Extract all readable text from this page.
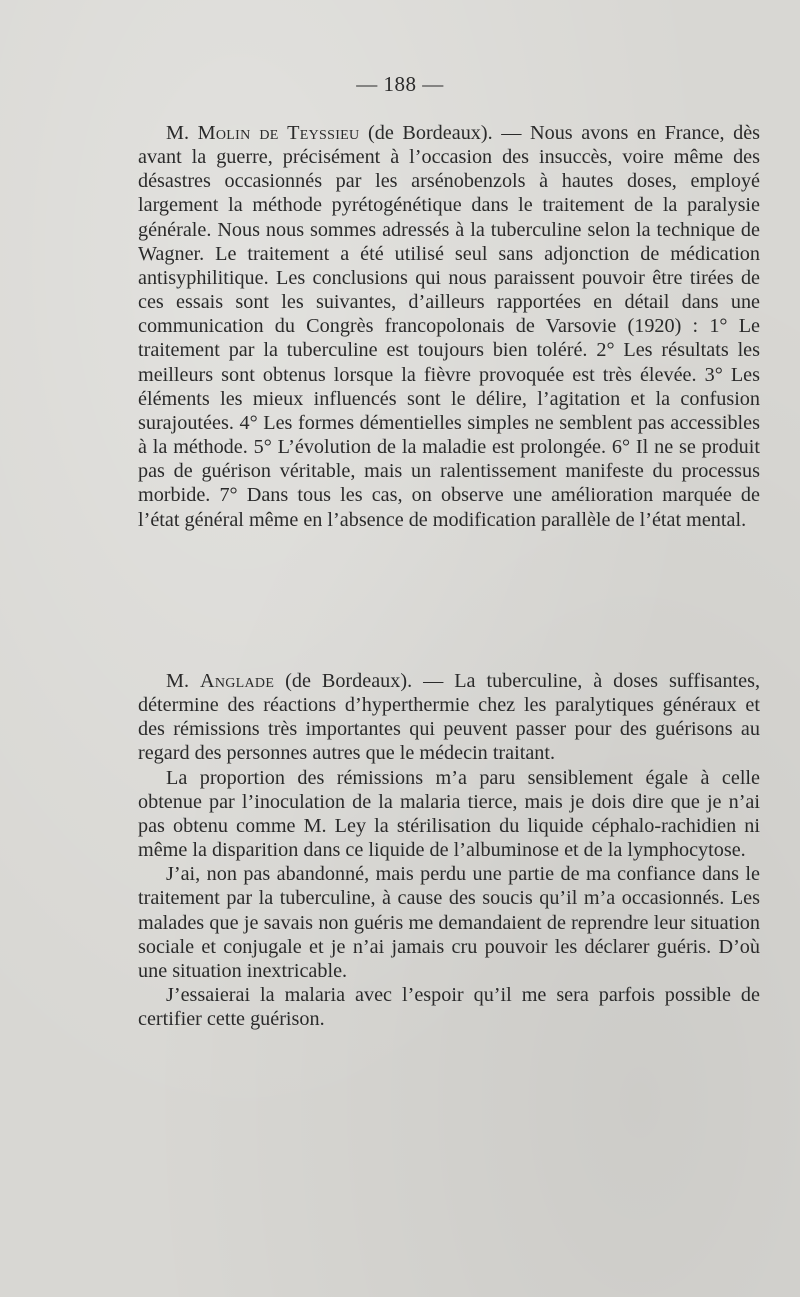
— 188 —

M. Molin de Teyssieu (de Bordeaux). — Nous avons en France, dès avant la guerre, précisément à l’occasion des insuccès, voire même des désastres occasionnés par les arsénobenzols à hautes doses, employé largement la méthode pyrétogénétique dans le traitement de la paralysie générale. Nous nous sommes adressés à la tuberculine selon la technique de Wagner. Le traitement a été utilisé seul sans adjonction de médication antisyphilitique. Les conclusions qui nous paraissent pouvoir être tirées de ces essais sont les suivantes, d’ailleurs rapportées en détail dans une communication du Congrès francopolonais de Varsovie (1920) : 1° Le traitement par la tuberculine est toujours bien toléré. 2° Les résultats les meilleurs sont obtenus lorsque la fièvre provoquée est très élevée. 3° Les éléments les mieux influencés sont le délire, l’agitation et la confusion surajoutées. 4° Les formes démentielles simples ne semblent pas accessibles à la méthode. 5° L’évolution de la maladie est prolongée. 6° Il ne se produit pas de guérison véritable, mais un ralentissement manifeste du processus morbide. 7° Dans tous les cas, on observe une amélioration marquée de l’état général même en l’absence de modification parallèle de l’état mental.

M. Anglade (de Bordeaux). — La tuberculine, à doses suffisantes, détermine des réactions d’hyperthermie chez les paralytiques généraux et des rémissions très importantes qui peuvent passer pour des guérisons au regard des personnes autres que le médecin traitant.

La proportion des rémissions m’a paru sensiblement égale à celle obtenue par l’inoculation de la malaria tierce, mais je dois dire que je n’ai pas obtenu comme M. Ley la stérilisation du liquide céphalo-rachidien ni même la disparition dans ce liquide de l’albuminose et de la lymphocytose.

J’ai, non pas abandonné, mais perdu une partie de ma confiance dans le traitement par la tuberculine, à cause des soucis qu’il m’a occasionnés. Les malades que je savais non guéris me demandaient de reprendre leur situation sociale et conjugale et je n’ai jamais cru pouvoir les déclarer guéris. D’où une situation inextricable.

J’essaierai la malaria avec l’espoir qu’il me sera parfois possible de certifier cette guérison.
